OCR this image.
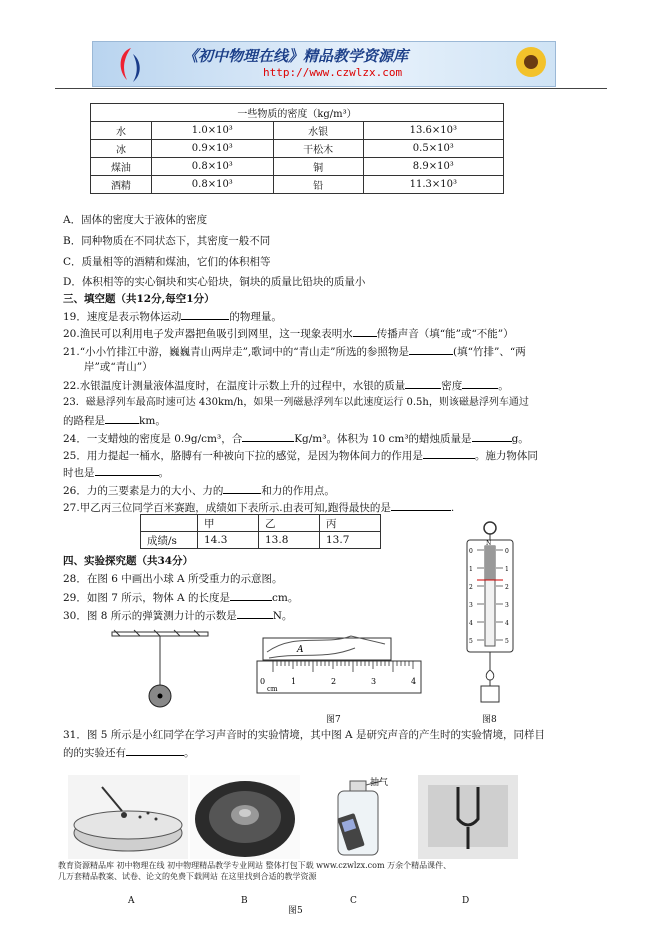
《初中物理在线》精品教学资源库
http://www.czwlzx.com
一些物质的密度（kg/m³）			
水	1.0×10³	水银	13.6×10³
冰	0.9×10³	干松木	0.5×10³
煤油	0.8×10³	铜	8.9×10³
酒精	0.8×10³	铅	11.3×10³
A．固体的密度大于液体的密度
B．同种物质在不同状态下，其密度一般不同
C．质量相等的酒精和煤油，它们的体积相等
D．体积相等的实心铜块和实心铅块，铜块的质量比铅块的质量小
三、填空题（共12分,每空1分）
19．速度是表示物体运动	的物理量。
20.渔民可以利用电子发声器把鱼吸引到网里，这一现象表明水 传播声音（填“能”或“不能”）
21.“小小竹排江中游，巍巍青山两岸走”,歌词中的“青山走”所选的参照物是	(填“竹排”、“两
岸”或“青山”）
22.水银温度计测量液体温度时，在温度计示数上升的过程中，水银的质量	密度	。
23．磁悬浮列车最高时速可达 430km/h，如果一列磁悬浮列车以此速度运行 0.5h，则该磁悬浮列车通过
的路程是	km。
24．一支蜡烛的密度是 0.9g/cm³，合	Kg/m³。体积为 10 cm³的蜡烛质量是	g。
25．用力提起一桶水，胳膊有一种被向下拉的感觉，是因为物体间力的作用是	。施力物体同
时也是	。
26．力的三要素是力的大小、力的	和力的作用点。
27.甲乙丙三位同学百米赛跑，成绩如下表所示.由表可知,跑得最快的是	.
	甲	乙	丙
成绩/s	14.3	13.8	13.7
四、实验探究题（共34分）
28．在图 6 中画出小球 A 所受重力的示意图。
29．如图 7 所示，物体 A 的长度是	cm。
30．图 8 所示的弹簧测力计的示数是	N。
A
0	1	2	3	4
cm
图7
0
1
2
3
4
5
0
1
2
3
4
5
N
图8
31．图 5 所示是小红同学在学习声音时的实验情境，其中图 A 是研究声音的产生时的实验情境，同样目
的的实验还有	。
抽气
教育资源精品库 初中物理在线 初中物理精品教学专业网站 整体打包下载 www.czwlzx.com 万余个精品课件、
几万套精品教案、试卷、论文的免费下载网站 在这里找到合适的教学资源
A	B	C	D
图5
